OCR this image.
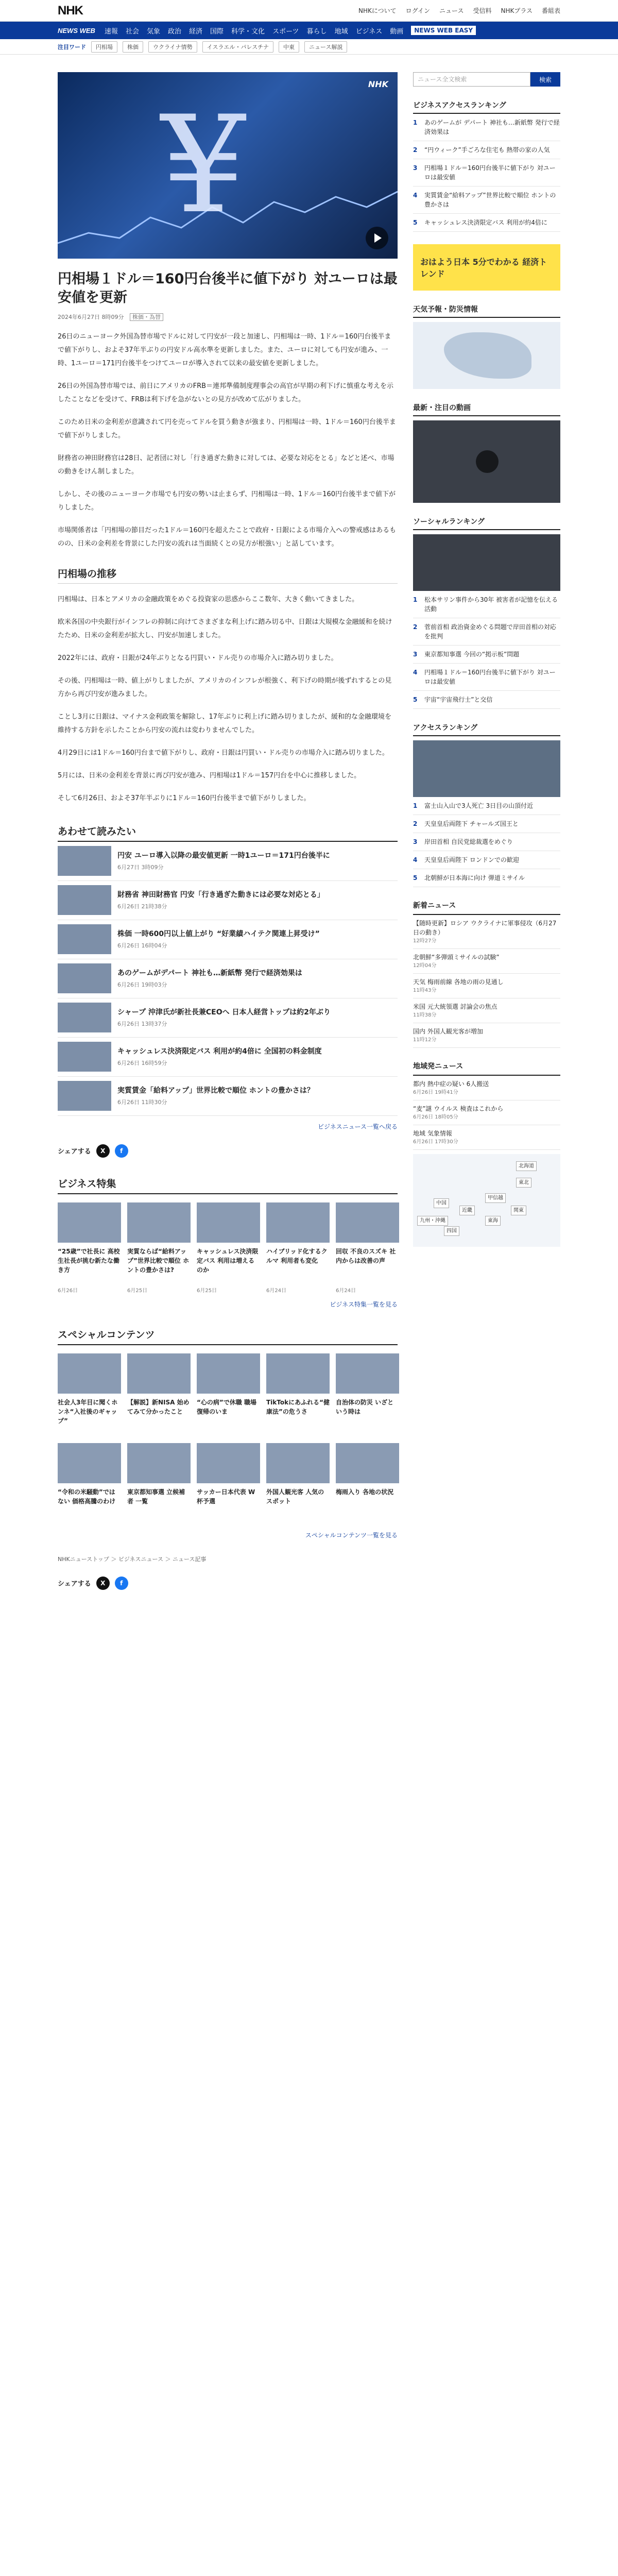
NHK	NHKについて ログイン ニュース 受信料 NHKプラス 番組表
NEWS WEB 速報 社会 気象 政治 経済 国際 科学・文化 スポーツ 暮らし 地域 ビジネス 動画	NEWS WEB EASY
注目ワード	円相場	株価	ウクライナ情勢	イスラエル・パレスチナ	中東	ニュース解説
¥
NHK
円相場１ドル＝160円台後半に値下がり 対ユーロは最安値を更新
2024年6月27日 8時09分 株価・為替

26日のニューヨーク外国為替市場でドルに対して円安が一段と加速し、円相場は一時、1ドル＝160円台後半まで値下がりし、およそ37年半ぶりの円安ドル高水準を更新しました。また、ユーロに対しても円安が進み、一時、1ユーロ＝171円台後半をつけてユーロが導入されて以来の最安値を更新しました。

26日の外国為替市場では、前日にアメリカのFRB＝連邦準備制度理事会の高官が早期の利下げに慎重な考えを示したことなどを受けて、FRBは利下げを急がないとの見方が改めて広がりました。

このため日米の金利差が意識されて円を売ってドルを買う動きが強まり、円相場は一時、1ドル＝160円台後半まで値下がりしました。

財務省の神田財務官は28日、記者団に対し「行き過ぎた動きに対しては、必要な対応をとる」などと述べ、市場の動きをけん制しました。

しかし、その後のニューヨーク市場でも円安の勢いは止まらず、円相場は一時、1ドル＝160円台後半まで値下がりしました。

市場関係者は「円相場の節目だった1ドル＝160円を超えたことで政府・日銀による市場介入への警戒感はあるものの、日米の金利差を背景にした円安の流れは当面続くとの見方が根強い」と話しています。

円相場の推移

円相場は、日本とアメリカの金融政策をめぐる投資家の思惑からここ数年、大きく動いてきました。

欧米各国の中央銀行がインフレの抑制に向けてさまざまな利上げに踏み切る中、日銀は大規模な金融緩和を続けたため、日米の金利差が拡大し、円安が加速しました。

2022年には、政府・日銀が24年ぶりとなる円買い・ドル売りの市場介入に踏み切りました。

その後、円相場は一時、値上がりしましたが、アメリカのインフレが根強く、利下げの時期が後ずれするとの見方から再び円安が進みました。

ことし3月に日銀は、マイナス金利政策を解除し、17年ぶりに利上げに踏み切りましたが、緩和的な金融環境を維持する方針を示したことから円安の流れは変わりませんでした。

4月29日には1ドル＝160円台まで値下がりし、政府・日銀は円買い・ドル売りの市場介入に踏み切りました。

5月には、日米の金利差を背景に再び円安が進み、円相場は1ドル＝157円台を中心に推移しました。

そして6月26日、およそ37年半ぶりに1ドル＝160円台後半まで値下がりしました。

あわせて読みたい
円安 ユーロ導入以降の最安値更新 一時1ユーロ＝171円台後半に
6月27日 3時09分
財務省 神田財務官 円安「行き過ぎた動きには必要な対応とる」
6月26日 21時38分
株価 一時600円以上値上がり “好業績ハイテク関連上昇受け”
6月26日 16時04分
あのゲームがデパート 神社も…新紙幣 発行で経済効果は
6月26日 19時03分
シャープ 沖津氏が新社長兼CEOへ 日本人経営トップは約2年ぶり
6月26日 13時37分
キャッシュレス決済限定バス 利用が約4倍に 全国初の料金制度
6月26日 16時59分
実質賃金「給料アップ」世界比較で順位 ホントの豊かさは？
6月26日 11時30分
ビジネスニュース一覧へ戻る
シェアする	X	f
ビジネス特集
“25歳”で社長に 高校生社長が挑む新たな働き方
6月26日
実質ならば“給料アップ”世界比較で順位 ホントの豊かさは?
6月25日
キャッシュレス決済限定バス 利用は増えるのか
6月25日
ハイブリッド化するクルマ 利用者も変化
6月24日
回収 不良のスズキ 社内からは改善の声
6月24日
ビジネス特集一覧を見る
スペシャルコンテンツ
社会人3年目に聞くホンネ“入社後のギャップ”
【解説】新NISA 始めてみて分かったこと
“心の病”で休職 職場復帰のいま
TikTokにあふれる“健康法”の危うさ
自治体の防災 いざという時は
“令和の米騒動”ではない 価格高騰のわけ
東京都知事選 立候補者 一覧
サッカー日本代表 W杯予選
外国人観光客 人気のスポット
梅雨入り 各地の状況
スペシャルコンテンツ一覧を見る
NHKニューストップ ＞ ビジネスニュース ＞ ニュース記事
シェアする	X	f
ニュース全文検索	検索
ビジネスアクセスランキング
1	あのゲームが デパート 神社も…新紙幣 発行で経済効果は
2	“円ウィーク”手ごろな住宅も 熱帯の家の人気
3	円相場１ドル＝160円台後半に値下がり 対ユーロは最安値
4	実質賃金“給料アップ”世界比較で順位 ホントの豊かさは
5	キャッシュレス決済限定バス 利用が約4倍に
おはよう日本 5分でわかる 経済トレンド
天気予報・防災情報
最新・注目の動画
ソーシャルランキング
1	松本サリン事件から30年 被害者が記憶を伝える活動
2	菅前首相 政治資金めぐる問題で岸田首相の対応を批判
3	東京都知事選 今回の“掲示板”問題
4	円相場１ドル＝160円台後半に値下がり 対ユーロは最安値
5	宇宙“宇宙飛行士”と交信
アクセスランキング
1	富士山入山で3人死亡 3日目の山頂付近
2	天皇皇后両陛下 チャールズ国王と
3	岸田首相 自民党総裁選をめぐり
4	天皇皇后両陛下 ロンドンでの歓迎
5	北朝鮮が日本海に向け 弾道ミサイル
新着ニュース
【随時更新】ロシア ウクライナに軍事侵攻（6月27日の動き）
12時27分
北朝鮮“多弾頭ミサイルの試験”
12時04分
天気 梅雨前線 各地の雨の見通し
11時43分
米国 元大統領選 討論会の焦点
11時38分
国内 外国人観光客が増加
11時12分
地域発ニュース
都内 熱中症の疑い 6人搬送
6月26日 19時41分
“麦”謎 ウイルス 検査はこれから
6月26日 18時05分
地域 気象情報
6月26日 17時30分
北海道
東北
関東
甲信越
東海
近畿
中国
四国
九州・沖縄
